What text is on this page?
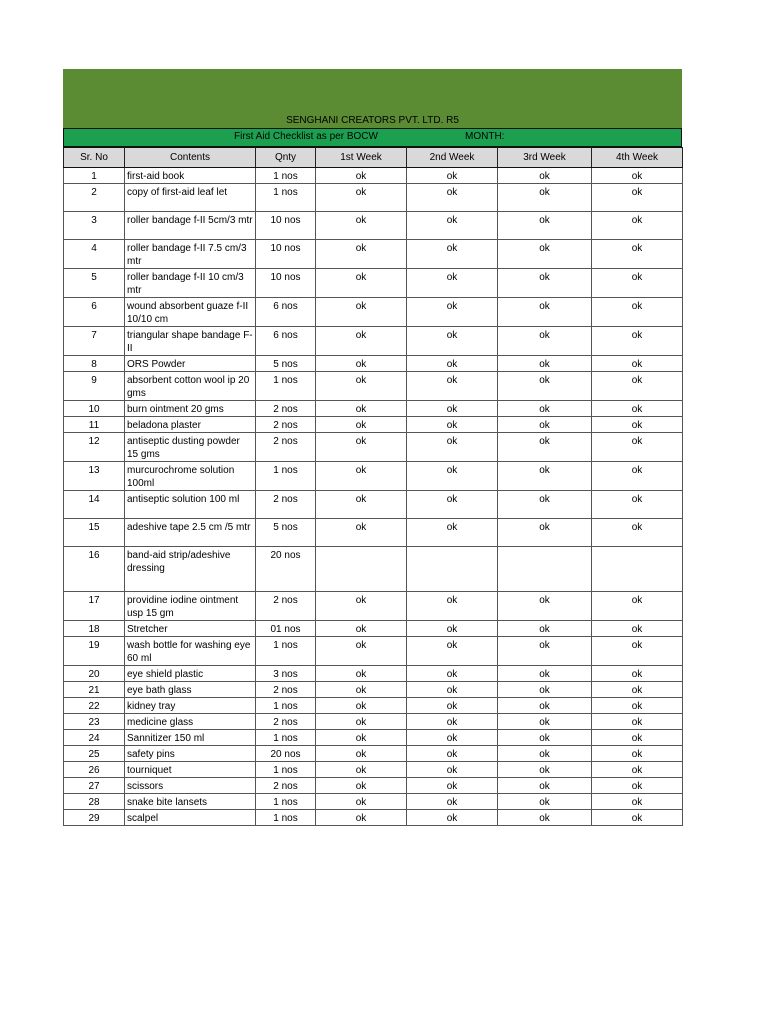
SENGHANI CREATORS PVT. LTD. R5
First Aid Checklist as per BOCW	MONTH:
Sr. No	Contents	Qnty	1st Week	2nd Week	3rd Week	4th Week
1	first-aid book	1 nos	ok	ok	ok	ok
2	copy of first-aid leaf let	1 nos	ok	ok	ok	ok
3	roller bandage f-II 5cm/3 mtr	10 nos	ok	ok	ok	ok
4	roller bandage f-II 7.5 cm/3 mtr	10 nos	ok	ok	ok	ok
5	roller bandage f-II 10 cm/3 mtr	10 nos	ok	ok	ok	ok
6	wound absorbent guaze f-II 10/10 cm	6 nos	ok	ok	ok	ok
7	triangular shape bandage F-II	6 nos	ok	ok	ok	ok
8	ORS Powder	5 nos	ok	ok	ok	ok
9	absorbent cotton wool ip 20 gms	1 nos	ok	ok	ok	ok
10	burn ointment 20 gms	2 nos	ok	ok	ok	ok
11	beladona plaster	2 nos	ok	ok	ok	ok
12	antiseptic dusting powder 15 gms	2 nos	ok	ok	ok	ok
13	murcurochrome solution 100ml	1 nos	ok	ok	ok	ok
14	antiseptic solution 100 ml	2 nos	ok	ok	ok	ok
15	adeshive tape 2.5 cm /5 mtr	5 nos	ok	ok	ok	ok
16	band-aid strip/adeshive dressing	20 nos				
17	providine iodine ointment usp 15 gm	2 nos	ok	ok	ok	ok
18	Stretcher	01 nos	ok	ok	ok	ok
19	wash bottle for washing eye 60 ml	1 nos	ok	ok	ok	ok
20	eye shield plastic	3 nos	ok	ok	ok	ok
21	eye bath glass	2 nos	ok	ok	ok	ok
22	kidney tray	1 nos	ok	ok	ok	ok
23	medicine glass	2 nos	ok	ok	ok	ok
24	Sannitizer 150 ml	1 nos	ok	ok	ok	ok
25	safety pins	20 nos	ok	ok	ok	ok
26	tourniquet	1 nos	ok	ok	ok	ok
27	scissors	2 nos	ok	ok	ok	ok
28	snake bite lansets	1 nos	ok	ok	ok	ok
29	scalpel	1 nos	ok	ok	ok	ok
